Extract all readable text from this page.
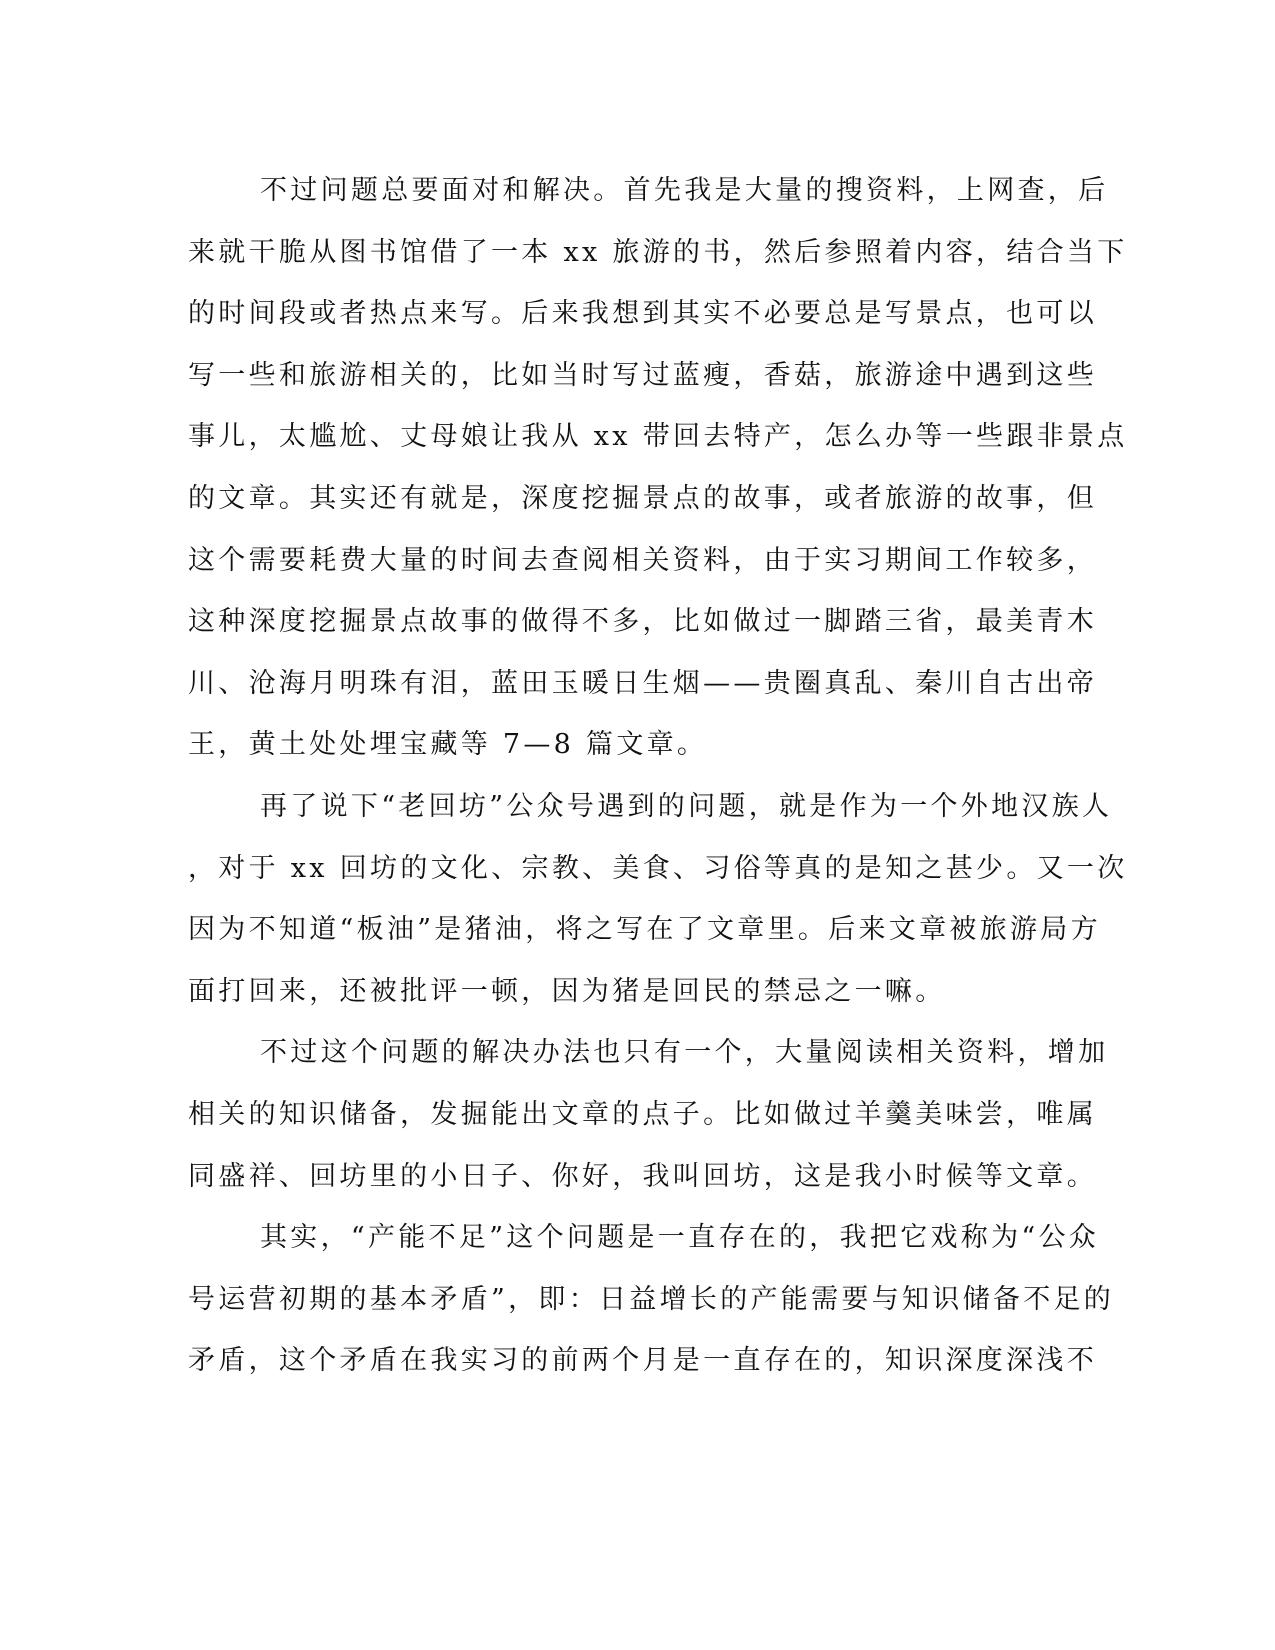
不过问题总要面对和解决。首先我是大量的搜资料，上网查，后
来就干脆从图书馆借了一本 xx 旅游的书，然后参照着内容，结合当下
的时间段或者热点来写。后来我想到其实不必要总是写景点，也可以
写一些和旅游相关的，比如当时写过蓝瘦，香菇，旅游途中遇到这些
事儿，太尴尬、丈母娘让我从 xx 带回去特产，怎么办等一些跟非景点
的文章。其实还有就是，深度挖掘景点的故事，或者旅游的故事，但
这个需要耗费大量的时间去查阅相关资料，由于实习期间工作较多，
这种深度挖掘景点故事的做得不多，比如做过一脚踏三省，最美青木
川、沧海月明珠有泪，蓝田玉暖日生烟——贵圈真乱、秦川自古出帝
王，黄土处处埋宝藏等 7—8 篇文章。
再了说下“老回坊”公众号遇到的问题，就是作为一个外地汉族人
，对于 xx 回坊的文化、宗教、美食、习俗等真的是知之甚少。又一次
因为不知道“板油”是猪油，将之写在了文章里。后来文章被旅游局方
面打回来，还被批评一顿，因为猪是回民的禁忌之一嘛。
不过这个问题的解决办法也只有一个，大量阅读相关资料，增加
相关的知识储备，发掘能出文章的点子。比如做过羊羹美味尝，唯属
同盛祥、回坊里的小日子、你好，我叫回坊，这是我小时候等文章。
其实，“产能不足”这个问题是一直存在的，我把它戏称为“公众
号运营初期的基本矛盾”，即：日益增长的产能需要与知识储备不足的
矛盾，这个矛盾在我实习的前两个月是一直存在的，知识深度深浅不
